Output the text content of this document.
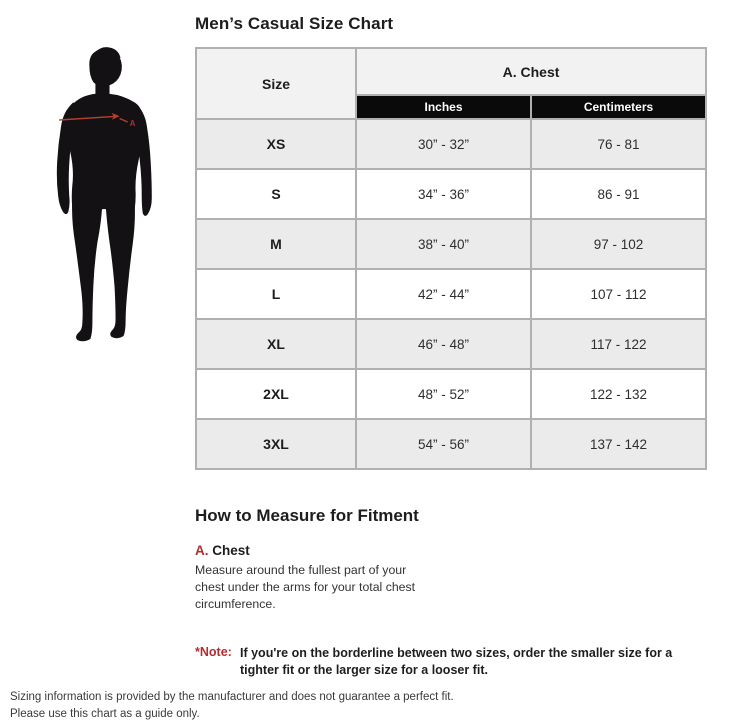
A
Men’s Casual Size Chart
Size	A. Chest	
	Inches	Centimeters
XS	30” - 32”	76 - 81
S	34” - 36”	86 - 91
M	38” - 40”	97 - 102
L	42” - 44”	107 - 112
XL	46” - 48”	117 - 122
2XL	48” - 52”	122 - 132
3XL	54” - 56”	137 - 142
How to Measure for Fitment
A. Chest
Measure around the fullest part of your chest under the arms for your total chest circumference.
*Note: If you're on the borderline between two sizes, order the smaller size for a tighter fit or the larger size for a looser fit.
Sizing information is provided by the manufacturer and does not guarantee a perfect fit.
Please use this chart as a guide only.
